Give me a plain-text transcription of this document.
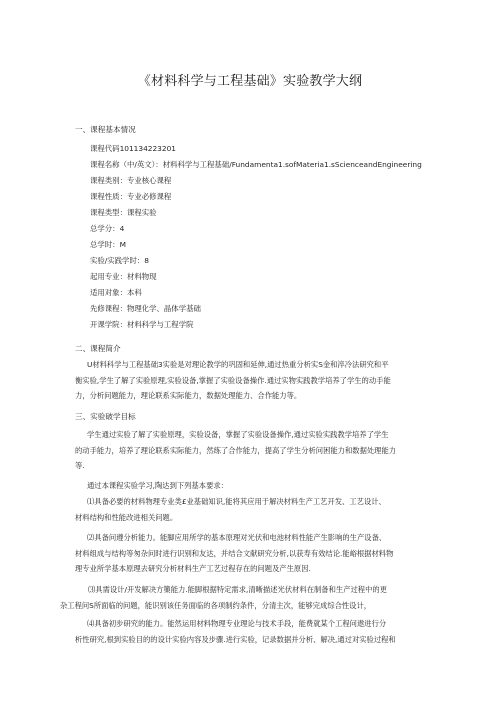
《材料科学与工程基础》实验教学大纲
一、课程基本情况
课程代码101134223201
课程名称（中/英文）：材料科学与工程基础/Fundamenta1.sofMateria1.sScienceandEngineering
课程类别：专业核心课程
课程性质：专业必修课程
课程类型：课程实验
总学分：4
总学时：M
实验/实践学时：8
起用专业：材料物现
适用对象：本科
先修课程：物理化学、晶体学基础
开课学院：材料科学与工程学院
二、课程简介
U材料科学与工程基础3实验是对理论教学的巩固和延伸,通过热重分析实S金和淬冷法研究和平
衡实验,学生了解了实验原理,实验设备,掌握了实验设备操作.通过实物实践教学培养了学生的动手能
力，分析问题能力，理论联系实际能力，数据处理能力、合作能力等。
三、实验破学目标
学生通过实验了解了实验原理，实验设备，掌握了实验设备操作,通过实验实践教学培养了学生
的动手能力，培养了理论联系实际能力，然练了合作能力，提高了学生分析问困能力和数据处理能力
等.
通过本课程实验学习,陶达到下列基本要求：
⑴具备必要的材料物理专业类£业基础知识,能将其应用于解决材料生产工艺开发、工艺设计、
材料结构和性能改进相关问题。
⑵具备问遵分析能力。能脚应用所学的基本原理对光伏和电池材料性能产生影响的生产设备、
材料组成与结构等匆杂问时进行识别和友达，并结合文献研究分析,以获寿有效结论.能峪根据材料物
理专业所学基本原理去研究分析材料生产工艺过程存在的问题及产生原因.
⑶具需设计/开发解决方篥能力.能脚根据特定需求,清晰描述光伏材料在制备和生产过程中的更
杂工程问S所面临的问题，能识别该任务面临的各项制约条件，分清主次，能够完成综合性设计，
⑷具备初步研究的能力。能然运用材料物理专业理论与技术手段，能费就某个工程问遨进行分
析性研究,根到实验目的的设计实验内容及步骤.进行实验，记录数据并分析、解决,通过对实验过程和
